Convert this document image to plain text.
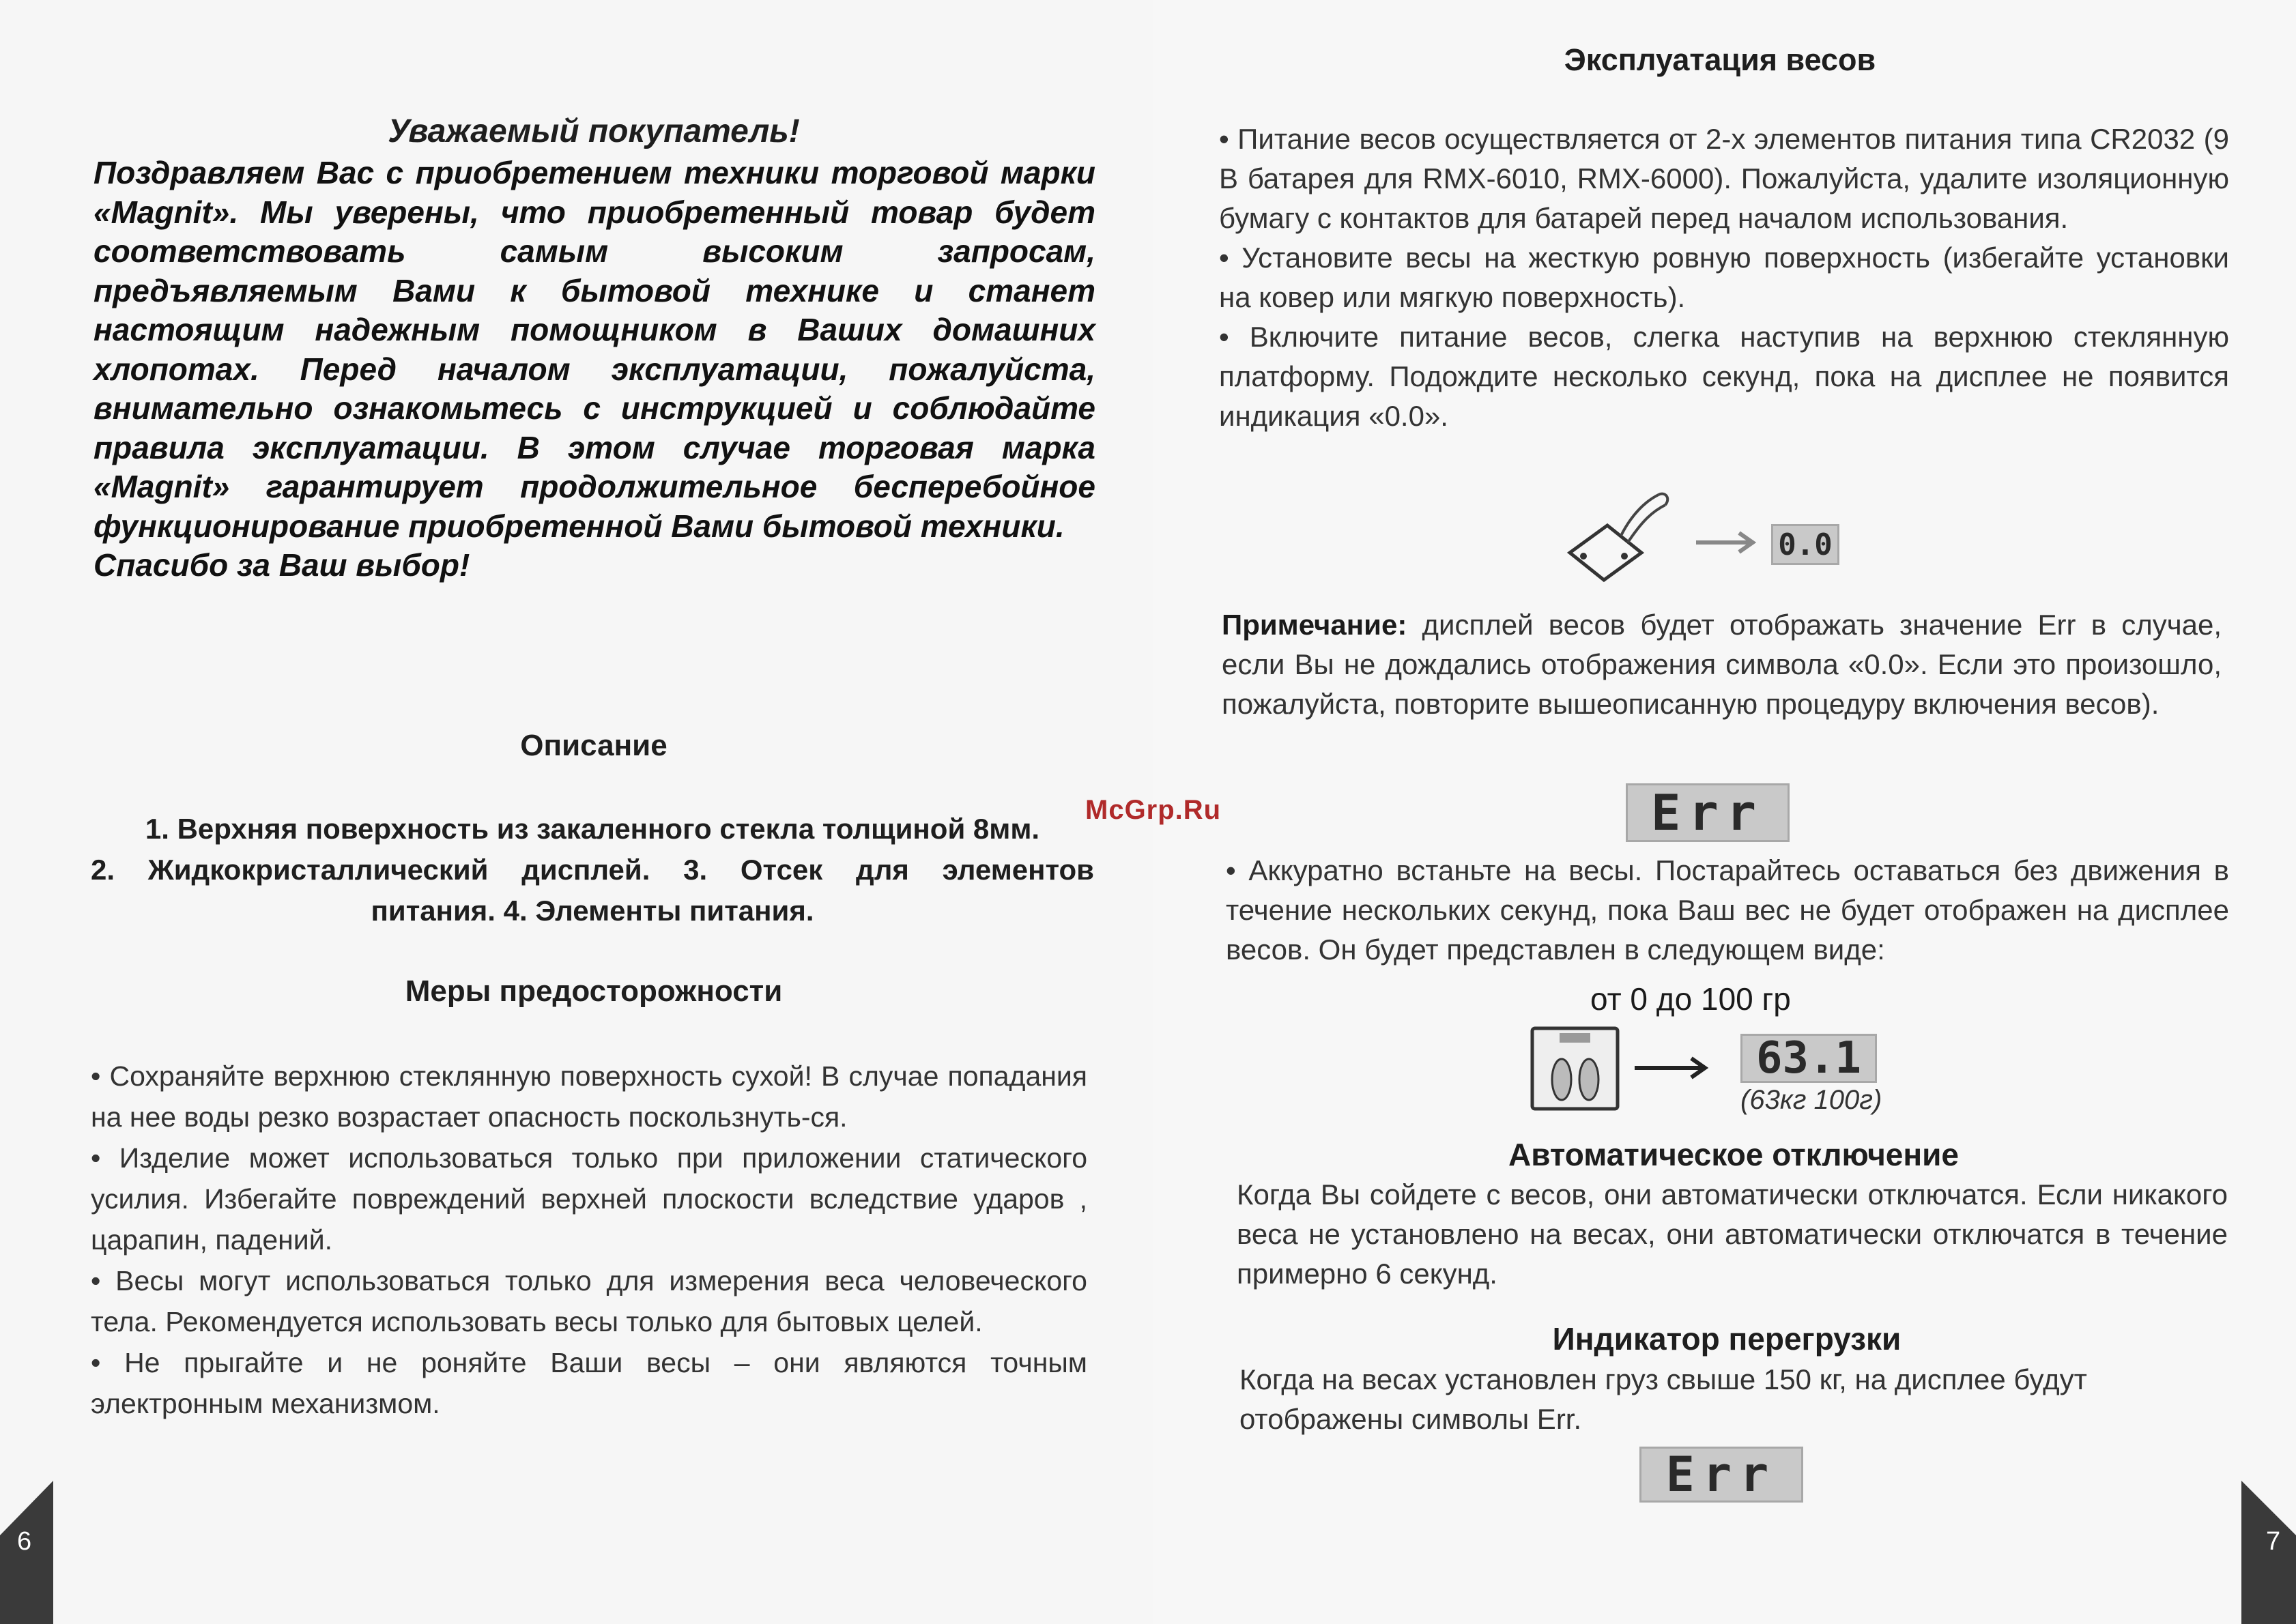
Уважаемый покупатель!
Поздравляем Вас с приобретением техники торговой марки «Magnit». Мы уверены, что приобретенный товар будет соответствовать самым высоким запросам, предъявляемым Вами к бытовой технике и станет настоящим надежным помощником в Ваших домашних хлопотах. Перед началом эксплуатации, пожалуйста, внимательно ознакомьтесь с инструкцией и соблюдайте правила эксплуатации. В этом случае торговая марка «Magnit» гарантирует продолжительное бесперебойное функционирование приобретенной Вами бытовой техники.
Спасибо за Ваш выбор!
Описание
1. Верхняя поверхность из закаленного стекла толщиной 8мм.
2. Жидкокристаллический дисплей. 3. Отсек для элементов
питания. 4. Элементы питания.
Меры предосторожности
• Сохраняйте верхнюю стеклянную поверхность сухой! В случае попадания на нее воды резко возрастает опасность поскользнуть-ся.
• Изделие может использоваться только при приложении статического усилия. Избегайте повреждений верхней плоскости вследствие ударов , царапин, падений.
• Весы могут использоваться только для измерения веса человеческого тела. Рекомендуется использовать весы только для бытовых целей.
• Не прыгайте и не роняйте Ваши весы – они являются точным электронным механизмом.
6
Эксплуатация весов
• Питание весов осуществляется от 2-х элементов питания типа CR2032 (9 В батарея для RMX-6010, RMX-6000). Пожалуйста, удалите изоляционную бумагу с контактов для батарей перед началом использования.
• Установите весы на жесткую ровную поверхность (избегайте установки на ковер или мягкую поверхность).
• Включите питание весов, слегка наступив на верхнюю стеклянную платформу. Подождите несколько секунд, пока на дисплее не появится индикация «0.0».
0.0
Примечание: дисплей весов будет отображать значение Err в случае, если Вы не дождались отображения символа «0.0». Если это произошло, пожалуйста, повторите вышеописанную процедуру включения весов).
Err
• Аккуратно встаньте на весы. Постарайтесь оставаться без движения в течение нескольких секунд, пока Ваш вес не будет отображен на дисплее весов. Он будет представлен в следующем виде:
от 0 до 100 гр
63.1
(63кг 100г)
Автоматическое отключение
Когда Вы сойдете с весов, они автоматически отключатся. Если никакого веса не установлено на весах, они автоматически отключатся в течение примерно 6 секунд.
Индикатор перегрузки
Когда на весах установлен груз свыше 150 кг, на дисплее будут отображены символы Err.
Err
7
McGrp.Ru
